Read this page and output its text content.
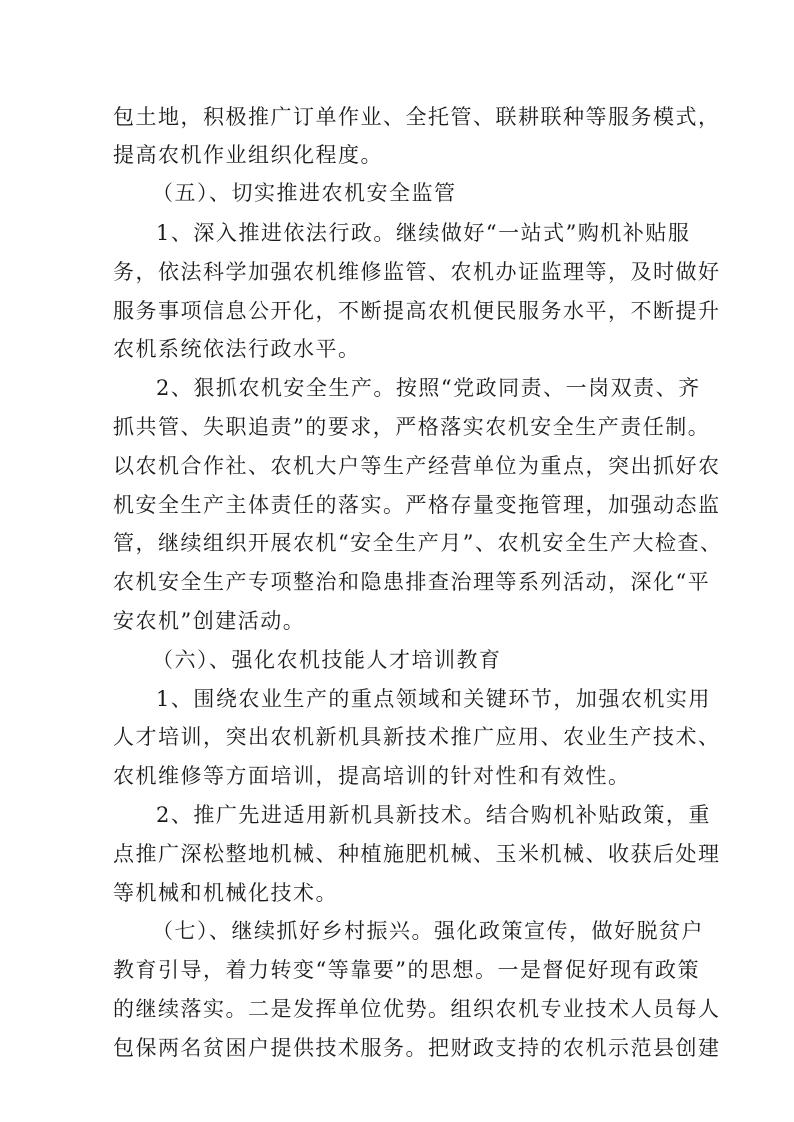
包土地，积极推广订单作业、全托管、联耕联种等服务模式，
提高农机作业组织化程度。
（五）、切实推进农机安全监管
1、深入推进依法行政。继续做好“一站式”购机补贴服
务，依法科学加强农机维修监管、农机办证监理等，及时做好
服务事项信息公开化，不断提高农机便民服务水平，不断提升
农机系统依法行政水平。
2、狠抓农机安全生产。按照“党政同责、一岗双责、齐
抓共管、失职追责”的要求，严格落实农机安全生产责任制。
以农机合作社、农机大户等生产经营单位为重点，突出抓好农
机安全生产主体责任的落实。严格存量变拖管理，加强动态监
管，继续组织开展农机“安全生产月”、农机安全生产大检查、
农机安全生产专项整治和隐患排查治理等系列活动，深化“平
安农机”创建活动。
（六）、强化农机技能人才培训教育
1、围绕农业生产的重点领域和关键环节，加强农机实用
人才培训，突出农机新机具新技术推广应用、农业生产技术、
农机维修等方面培训，提高培训的针对性和有效性。
2、推广先进适用新机具新技术。结合购机补贴政策，重
点推广深松整地机械、种植施肥机械、玉米机械、收获后处理
等机械和机械化技术。
（七）、继续抓好乡村振兴。强化政策宣传，做好脱贫户
教育引导，着力转变“等靠要”的思想。一是督促好现有政策
的继续落实。二是发挥单位优势。组织农机专业技术人员每人
包保两名贫困户提供技术服务。把财政支持的农机示范县创建
